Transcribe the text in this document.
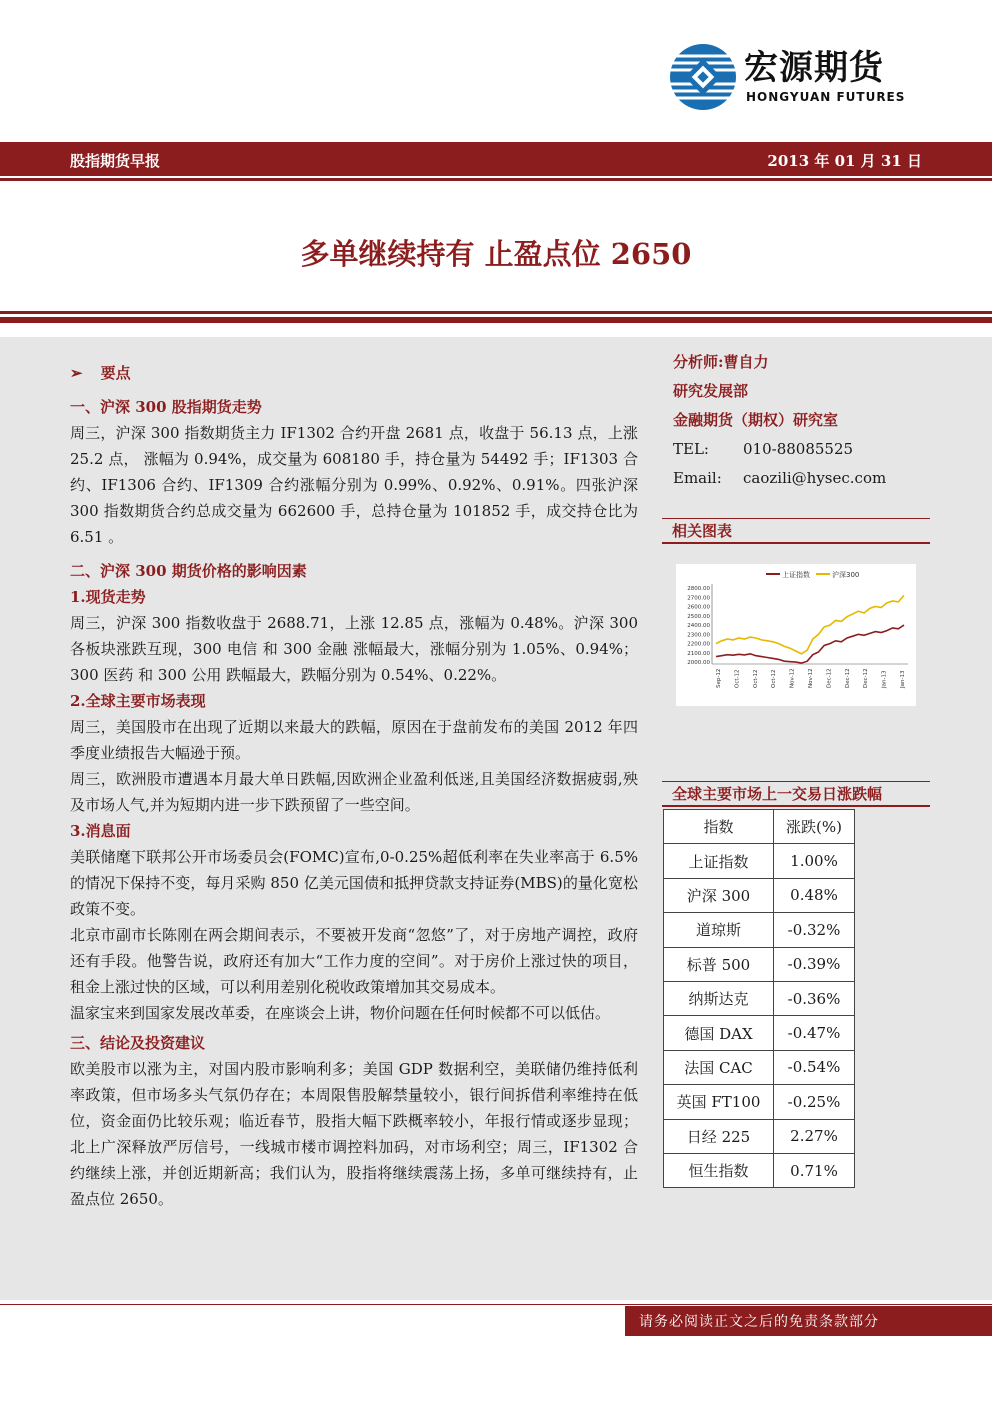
宏源期货
HONGYUAN FUTURES
股指期货早报	2013 年 01 月 31 日
多单继续持有 止盈点位 2650

➢ 要点

一、沪深 300 股指期货走势

周三，沪深 300 指数期货主力 IF1302 合约开盘 2681 点，收盘于 56.13 点，上涨 25.2 点， 涨幅为 0.94%，成交量为 608180 手，持仓量为 54492 手；IF1303 合约、IF1306 合约、IF1309 合约涨幅分别为 0.99%、0.92%、0.91%。四张沪深 300 指数期货合约总成交量为 662600 手，总持仓量为 101852 手，成交持仓比为 6.51 。

二、沪深 300 期货价格的影响因素

1.现货走势

周三，沪深 300 指数收盘于 2688.71，上涨 12.85 点，涨幅为 0.48%。沪深 300 各板块涨跌互现，300 电信 和 300 金融 涨幅最大，涨幅分别为 1.05%、0.94%； 300 医药 和 300 公用 跌幅最大，跌幅分别为 0.54%、0.22%。

2.全球主要市场表现

周三，美国股市在出现了近期以来最大的跌幅，原因在于盘前发布的美国 2012 年四季度业绩报告大幅逊于预。

周三，欧洲股市遭遇本月最大单日跌幅,因欧洲企业盈利低迷,且美国经济数据疲弱,殃及市场人气,并为短期内进一步下跌预留了一些空间。

3.消息面

美联储麾下联邦公开市场委员会(FOMC)宣布,0-0.25%超低利率在失业率高于 6.5%的情况下保持不变，每月采购 850 亿美元国债和抵押贷款支持证券(MBS)的量化宽松政策不变。

北京市副市长陈刚在两会期间表示，不要被开发商“忽悠”了，对于房地产调控，政府还有手段。他警告说，政府还有加大“工作力度的空间”。对于房价上涨过快的项目，租金上涨过快的区域，可以利用差别化税收政策增加其交易成本。

温家宝来到国家发展改革委，在座谈会上讲，物价问题在任何时候都不可以低估。

三、结论及投资建议

欧美股市以涨为主，对国内股市影响利多；美国 GDP 数据利空，美联储仍维持低利率政策，但市场多头气氛仍存在；本周限售股解禁量较小，银行间拆借利率维持在低位，资金面仍比较乐观；临近春节，股指大幅下跌概率较小，年报行情或逐步显现；北上广深释放严厉信号，一线城市楼市调控料加码，对市场利空；周三，IF1302 合约继续上涨，并创近期新高；我们认为，股指将继续震荡上扬，多单可继续持有，止盈点位 2650。

分析师:曹自力
研究发展部
金融期货（期权）研究室
TEL:	010-88085525
Email:	caozili@hysec.com
相关图表
上证指数	沪深300
2800.00
2700.00
2600.00
2500.00
2400.00
2300.00
2200.00
2100.00
2000.00
Sep-12 Oct-12 Oct-12 Oct-12 Nov-12 Nov-12 Dec-12 Dec-12 Dec-12 Jan-13 Jan-13
全球主要市场上一交易日涨跌幅
指数	涨跌(%)
上证指数	1.00%
沪深 300	0.48%
道琼斯	-0.32%
标普 500	-0.39%
纳斯达克	-0.36%
德国 DAX	-0.47%
法国 CAC	-0.54%
英国 FT100	-0.25%
日经 225	2.27%
恒生指数	0.71%
请务必阅读正文之后的免责条款部分
